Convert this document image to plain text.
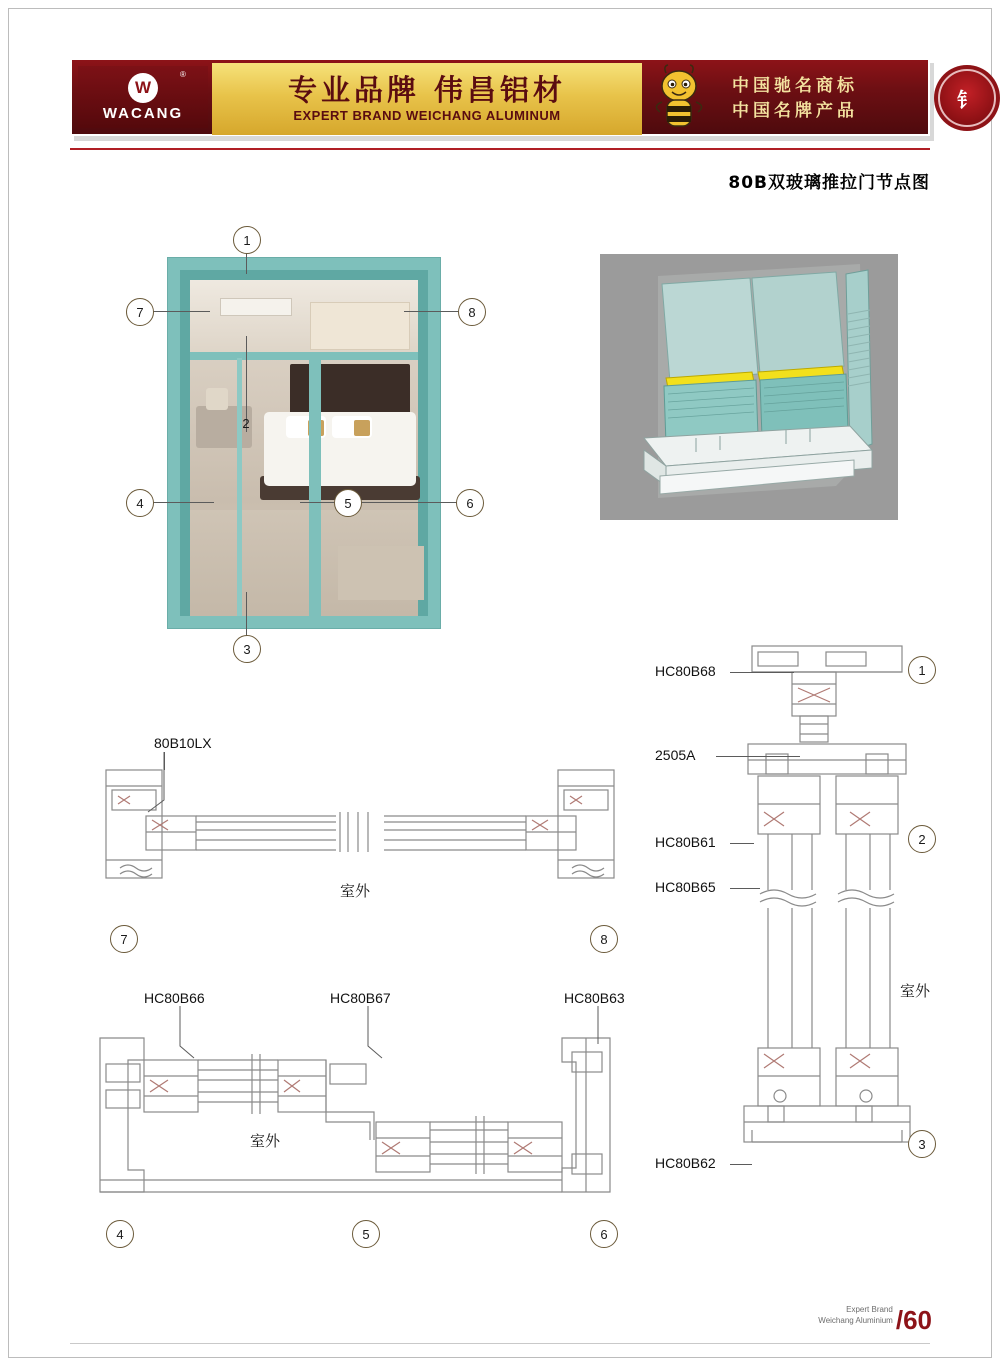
W
WACANG
®	专业品牌 伟昌铝材
EXPERT BRAND WEICHANG ALUMINUM
中国驰名商标
中国名牌产品	钅
80B双玻璃推拉门节点图
1
7	8
2
4	5	6
3
HC80B68
2505A
HC80B61
HC80B65
HC80B62
室外
1
2
3
80B10LX
室外
7	8
HC80B66	HC80B67	HC80B63
室外
4	5	6
Expert Brand
Weichang Aluminium /60
